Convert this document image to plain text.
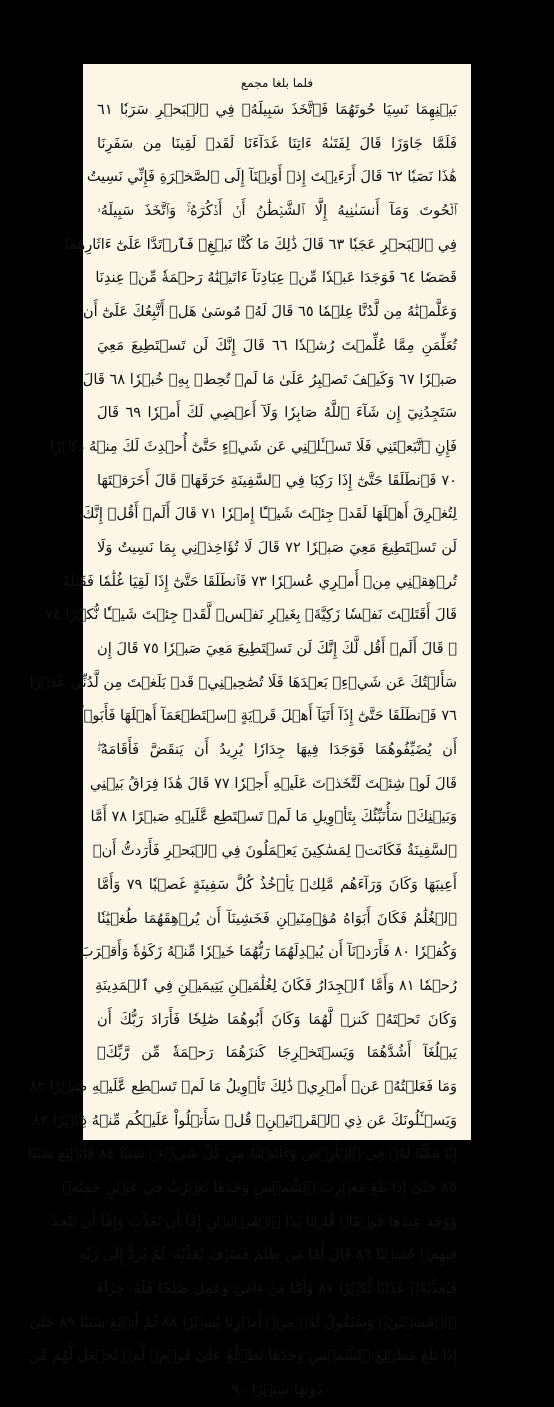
فلما بلغا مجمع
بَيۡنِهِمَا نَسِيَا حُوتَهُمَا فَٱتَّخَذَ سَبِيلَهُۥ فِي ٱلۡبَحۡرِ سَرَبٗا ٦١
فَلَمَّا جَاوَزَا قَالَ لِفَتَىٰهُ ءَاتِنَا غَدَآءَنَا لَقَدۡ لَقِينَا مِن سَفَرِنَا
هَٰذَا نَصَبٗا ٦٢ قَالَ أَرَءَيۡتَ إِذۡ أَوَيۡنَآ إِلَى ٱلصَّخۡرَةِ فَإِنِّي نَسِيتُ
ٱلۡحُوتَ وَمَآ أَنسَىٰنِيهُ إِلَّا ٱلشَّيۡطَٰنُ أَنۡ أَذۡكُرَهُۥۚ وَٱتَّخَذَ سَبِيلَهُۥ
فِي ٱلۡبَحۡرِ عَجَبٗا ٦٣ قَالَ ذَٰلِكَ مَا كُنَّا نَبۡغِۚ فَٱرۡتَدَّا عَلَىٰٓ ءَاثَارِهِمَا
قَصَصٗا ٦٤ فَوَجَدَا عَبۡدٗا مِّنۡ عِبَادِنَآ ءَاتَيۡنَٰهُ رَحۡمَةٗ مِّنۡ عِندِنَا
وَعَلَّمۡنَٰهُ مِن لَّدُنَّا عِلۡمٗا ٦٥ قَالَ لَهُۥ مُوسَىٰ هَلۡ أَتَّبِعُكَ عَلَىٰٓ أَن
تُعَلِّمَنِ مِمَّا عُلِّمۡتَ رُشۡدٗا ٦٦ قَالَ إِنَّكَ لَن تَسۡتَطِيعَ مَعِيَ
صَبۡرٗا ٦٧ وَكَيۡفَ تَصۡبِرُ عَلَىٰ مَا لَمۡ تُحِطۡ بِهِۦ خُبۡرٗا ٦٨ قَالَ
سَتَجِدُنِيٓ إِن شَآءَ ٱللَّهُ صَابِرٗا وَلَآ أَعۡصِي لَكَ أَمۡرٗا ٦٩ قَالَ
فَإِنِ ٱتَّبَعۡتَنِي فَلَا تَسۡـَٔلۡنِي عَن شَيۡءٍ حَتَّىٰٓ أُحۡدِثَ لَكَ مِنۡهُ ذِكۡرٗا
٧٠ فَٱنطَلَقَا حَتَّىٰٓ إِذَا رَكِبَا فِي ٱلسَّفِينَةِ خَرَقَهَاۖ قَالَ أَخَرَقۡتَهَا
لِتُغۡرِقَ أَهۡلَهَا لَقَدۡ جِئۡتَ شَيۡـًٔا إِمۡرٗا ٧١ قَالَ أَلَمۡ أَقُلۡ إِنَّكَ
لَن تَسۡتَطِيعَ مَعِيَ صَبۡرٗا ٧٢ قَالَ لَا تُؤَاخِذۡنِي بِمَا نَسِيتُ وَلَا
تُرۡهِقۡنِي مِنۡ أَمۡرِي عُسۡرٗا ٧٣ فَٱنطَلَقَا حَتَّىٰٓ إِذَا لَقِيَا غُلَٰمٗا فَقَتَلَهُۥ
قَالَ أَقَتَلۡتَ نَفۡسٗا زَكِيَّةَۢ بِغَيۡرِ نَفۡسٖ لَّقَدۡ جِئۡتَ شَيۡـٔٗا نُّكۡرٗا ٧٤
۞ قَالَ أَلَمۡ أَقُل لَّكَ إِنَّكَ لَن تَسۡتَطِيعَ مَعِيَ صَبۡرٗا ٧٥ قَالَ إِن
سَأَلۡتُكَ عَن شَيۡءِۭ بَعۡدَهَا فَلَا تُصَٰحِبۡنِيۖ قَدۡ بَلَغۡتَ مِن لَّدُنِّي عُذۡرٗا
٧٦ فَٱنطَلَقَا حَتَّىٰٓ إِذَآ أَتَيَآ أَهۡلَ قَرۡيَةٍ ٱسۡتَطۡعَمَآ أَهۡلَهَا فَأَبَوۡاْ
أَن يُضَيِّفُوهُمَا فَوَجَدَا فِيهَا جِدَارٗا يُرِيدُ أَن يَنقَضَّ فَأَقَامَهُۥۖ
قَالَ لَوۡ شِئۡتَ لَتَّخَذۡتَ عَلَيۡهِ أَجۡرٗا ٧٧ قَالَ هَٰذَا فِرَاقُ بَيۡنِي
وَبَيۡنِكَۚ سَأُنَبِّئُكَ بِتَأۡوِيلِ مَا لَمۡ تَسۡتَطِع عَّلَيۡهِ صَبۡرًا ٧٨ أَمَّا
ٱلسَّفِينَةُ فَكَانَتۡ لِمَسَٰكِينَ يَعۡمَلُونَ فِي ٱلۡبَحۡرِ فَأَرَدتُّ أَنۡ
أَعِيبَهَا وَكَانَ وَرَآءَهُم مَّلِكٞ يَأۡخُذُ كُلَّ سَفِينَةٍ غَصۡبٗا ٧٩ وَأَمَّا
ٱلۡغُلَٰمُ فَكَانَ أَبَوَاهُ مُؤۡمِنَيۡنِ فَخَشِينَآ أَن يُرۡهِقَهُمَا طُغۡيَٰنٗا
وَكُفۡرٗا ٨٠ فَأَرَدۡنَآ أَن يُبۡدِلَهُمَا رَبُّهُمَا خَيۡرٗا مِّنۡهُ زَكَوٰةٗ وَأَقۡرَبَ
رُحۡمٗا ٨١ وَأَمَّا ٱلۡجِدَارُ فَكَانَ لِغُلَٰمَيۡنِ يَتِيمَيۡنِ فِي ٱلۡمَدِينَةِ
وَكَانَ تَحۡتَهُۥ كَنزٞ لَّهُمَا وَكَانَ أَبُوهُمَا صَٰلِحٗا فَأَرَادَ رَبُّكَ أَن
يَبۡلُغَآ أَشُدَّهُمَا وَيَسۡتَخۡرِجَا كَنزَهُمَا رَحۡمَةٗ مِّن رَّبِّكَۚ
وَمَا فَعَلۡتُهُۥ عَنۡ أَمۡرِيۚ ذَٰلِكَ تَأۡوِيلُ مَا لَمۡ تَسۡطِع عَّلَيۡهِ صَبۡرٗا ٨٢
وَيَسۡـَٔلُونَكَ عَن ذِي ٱلۡقَرۡنَيۡنِۖ قُلۡ سَأَتۡلُواْ عَلَيۡكُم مِّنۡهُ ذِكۡرًا ٨٣
إِنَّا مَكَّنَّا لَهُۥ فِي ٱلۡأَرۡضِ وَءَاتَيۡنَٰهُ مِن كُلِّ شَيۡءٖ سَبَبٗا ٨٤ فَأَتۡبَعَ سَبَبًا
٨٥ حَتَّىٰٓ إِذَا بَلَغَ مَغۡرِبَ ٱلشَّمۡسِ وَجَدَهَا تَغۡرُبُ فِي عَيۡنٍ حَمِئَةٖ
وَوَجَدَ عِندَهَا قَوۡمٗاۖ قُلۡنَا يَٰذَا ٱلۡقَرۡنَيۡنِ إِمَّآ أَن تُعَذِّبَ وَإِمَّآ أَن تَتَّخِذَ
فِيهِمۡ حُسۡنٗا ٨٦ قَالَ أَمَّا مَن ظَلَمَ فَسَوۡفَ نُعَذِّبُهُۥ ثُمَّ يُرَدُّ إِلَىٰ رَبِّهِۦ
فَيُعَذِّبُهُۥ عَذَابٗا نُّكۡرٗا ٨٧ وَأَمَّا مَنۡ ءَامَنَ وَعَمِلَ صَٰلِحٗا فَلَهُۥ جَزَآءً
ٱلۡحُسۡنَىٰۖ وَسَنَقُولُ لَهُۥ مِنۡ أَمۡرِنَا يُسۡرٗا ٨٨ ثُمَّ أَتۡبَعَ سَبَبًا ٨٩ حَتَّىٰٓ
إِذَا بَلَغَ مَطۡلِعَ ٱلشَّمۡسِ وَجَدَهَا تَطۡلُعُ عَلَىٰ قَوۡمٖ لَّمۡ نَجۡعَل لَّهُم مِّن
دُونِهَا سِتۡرٗا ٩٠
